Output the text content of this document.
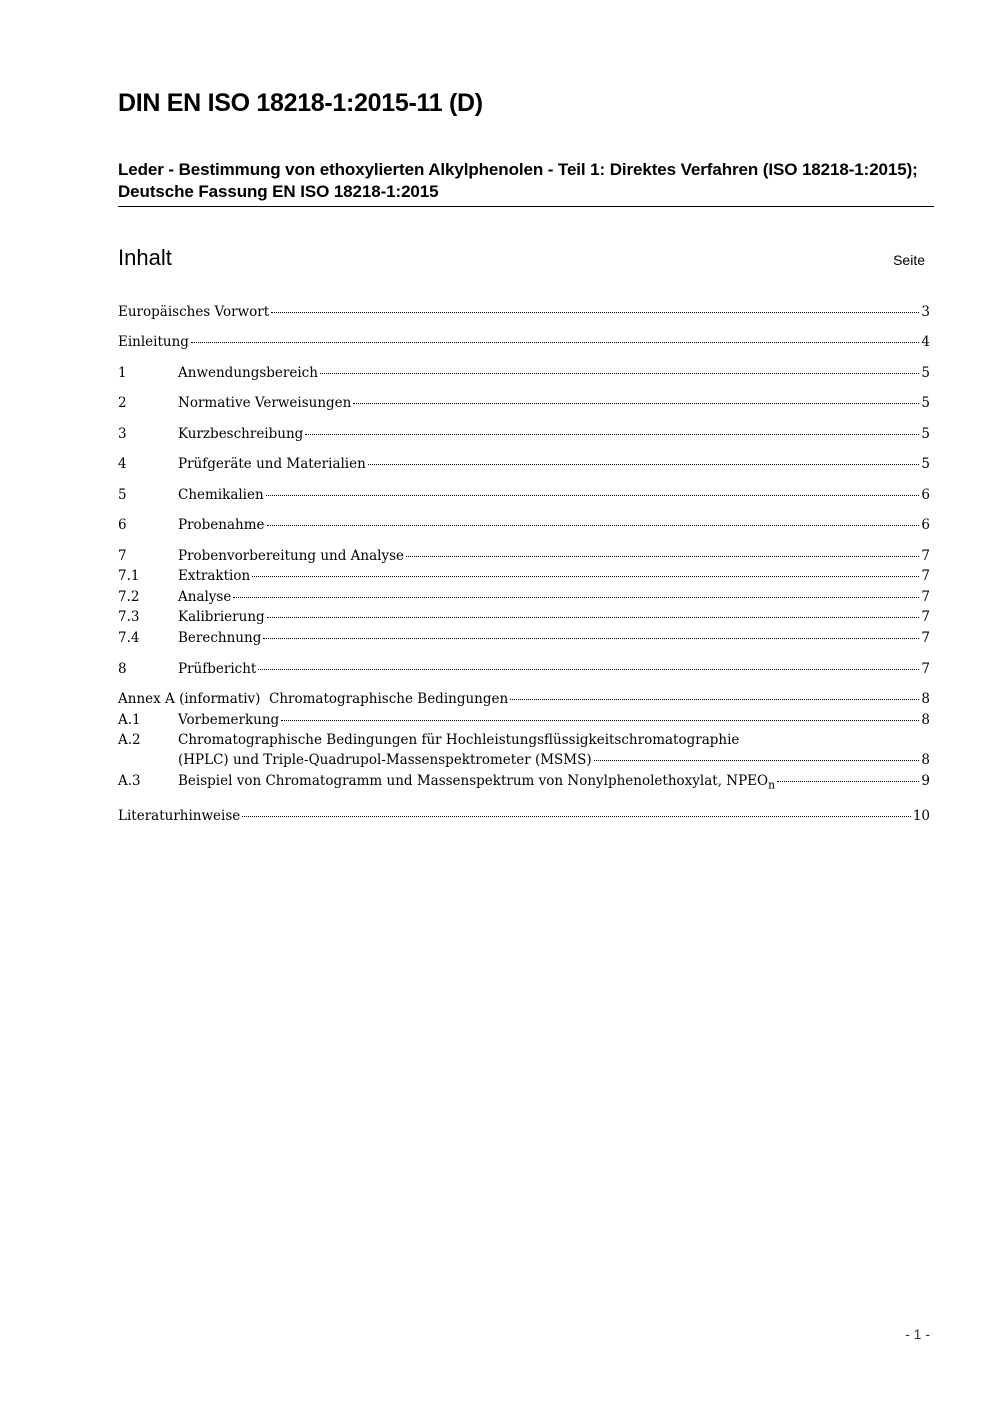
DIN EN ISO 18218-1:2015-11 (D)
Leder - Bestimmung von ethoxylierten Alkylphenolen - Teil 1: Direktes Verfahren (ISO 18218-1:2015); Deutsche Fassung EN ISO 18218-1:2015
Inhalt	Seite
Europäisches Vorwort	3
Einleitung	4
1	Anwendungsbereich	5
2	Normative Verweisungen	5
3	Kurzbeschreibung	5
4	Prüfgeräte und Materialien	5
5	Chemikalien	6
6	Probenahme	6
7	Probenvorbereitung und Analyse	7
7.1	Extraktion	7
7.2	Analyse	7
7.3	Kalibrierung	7
7.4	Berechnung	7
8	Prüfbericht	7
Annex A (informativ)  Chromatographische Bedingungen	8
A.1	Vorbemerkung	8
A.2	Chromatographische Bedingungen für Hochleistungsflüssigkeitschromatographie
(HPLC) und Triple-Quadrupol-Massenspektrometer (MSMS)	8
A.3	Beispiel von Chromatogramm und Massenspektrum von Nonylphenolethoxylat, $NPEO_n$	9
Literaturhinweise	10
- 1 -
